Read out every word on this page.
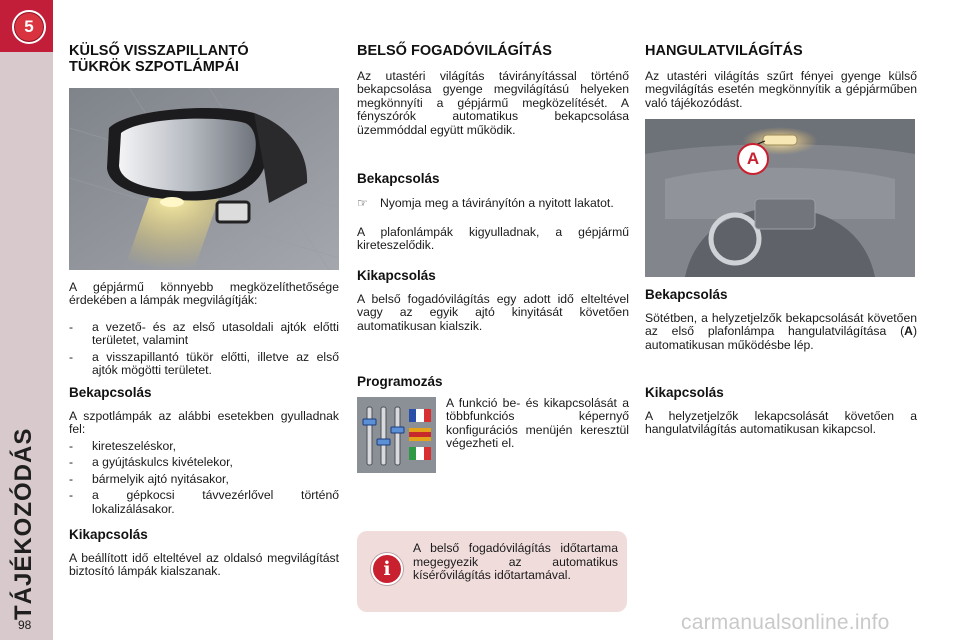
5
TÁJÉKOZÓDÁS
98
KÜLSŐ VISSZAPILLANTÓ
TÜKRÖK SZPOTLÁMPÁI

A gépjármű könnyebb megközelíthetősége érdekében a lámpák megvilágítják:

- a vezető- és az első utasoldali ajtók előtti területet, valamint
- a visszapillantó tükör előtti, illetve az első ajtók mögötti területet.
Bekapcsolás

A szpotlámpák az alábbi esetekben gyulladnak fel:

- kireteszeléskor,
- a gyújtáskulcs kivételekor,
- bármelyik ajtó nyitásakor,
- a gépkocsi távvezérlővel történő lokalizálásakor.
Kikapcsolás

A beállított idő elteltével az oldalsó megvilágítást biztosító lámpák kialszanak.

BELSŐ FOGADÓVILÁGÍTÁS

Az utastéri világítás távirányítással történő bekapcsolása gyenge megvilágítású helyeken megkönnyíti a gépjármű megközelítését. A fényszórók automatikus bekapcsolása üzemmóddal együtt működik.

Bekapcsolás
☞ Nyomja meg a távirányítón a nyitott lakatot.

A plafonlámpák kigyulladnak, a gépjármű kireteszelődik.

Kikapcsolás

A belső fogadóvilágítás egy adott idő elteltével vagy az egyik ajtó kinyitását követően automatikusan kialszik.

Programozás

A funkció be- és kikapcsolását a többfunkciós képernyő konfigurációs menüjén keresztül végezheti el.

i

A belső fogadóvilágítás időtartama megegyezik az automatikus kísérővilágítás időtartamával.

HANGULATVILÁGÍTÁS

Az utastéri világítás szűrt fényei gyenge külső megvilágítás esetén megkönnyítik a gépjárműben való tájékozódást.

A
Bekapcsolás

Sötétben, a helyzetjelzők bekapcsolását követően az első plafonlámpa hangulatvilágítása (A) automatikusan működésbe lép.

Kikapcsolás

A helyzetjelzők lekapcsolását követően a hangulatvilágítás automatikusan kikapcsol.

carmanualsonline.info
